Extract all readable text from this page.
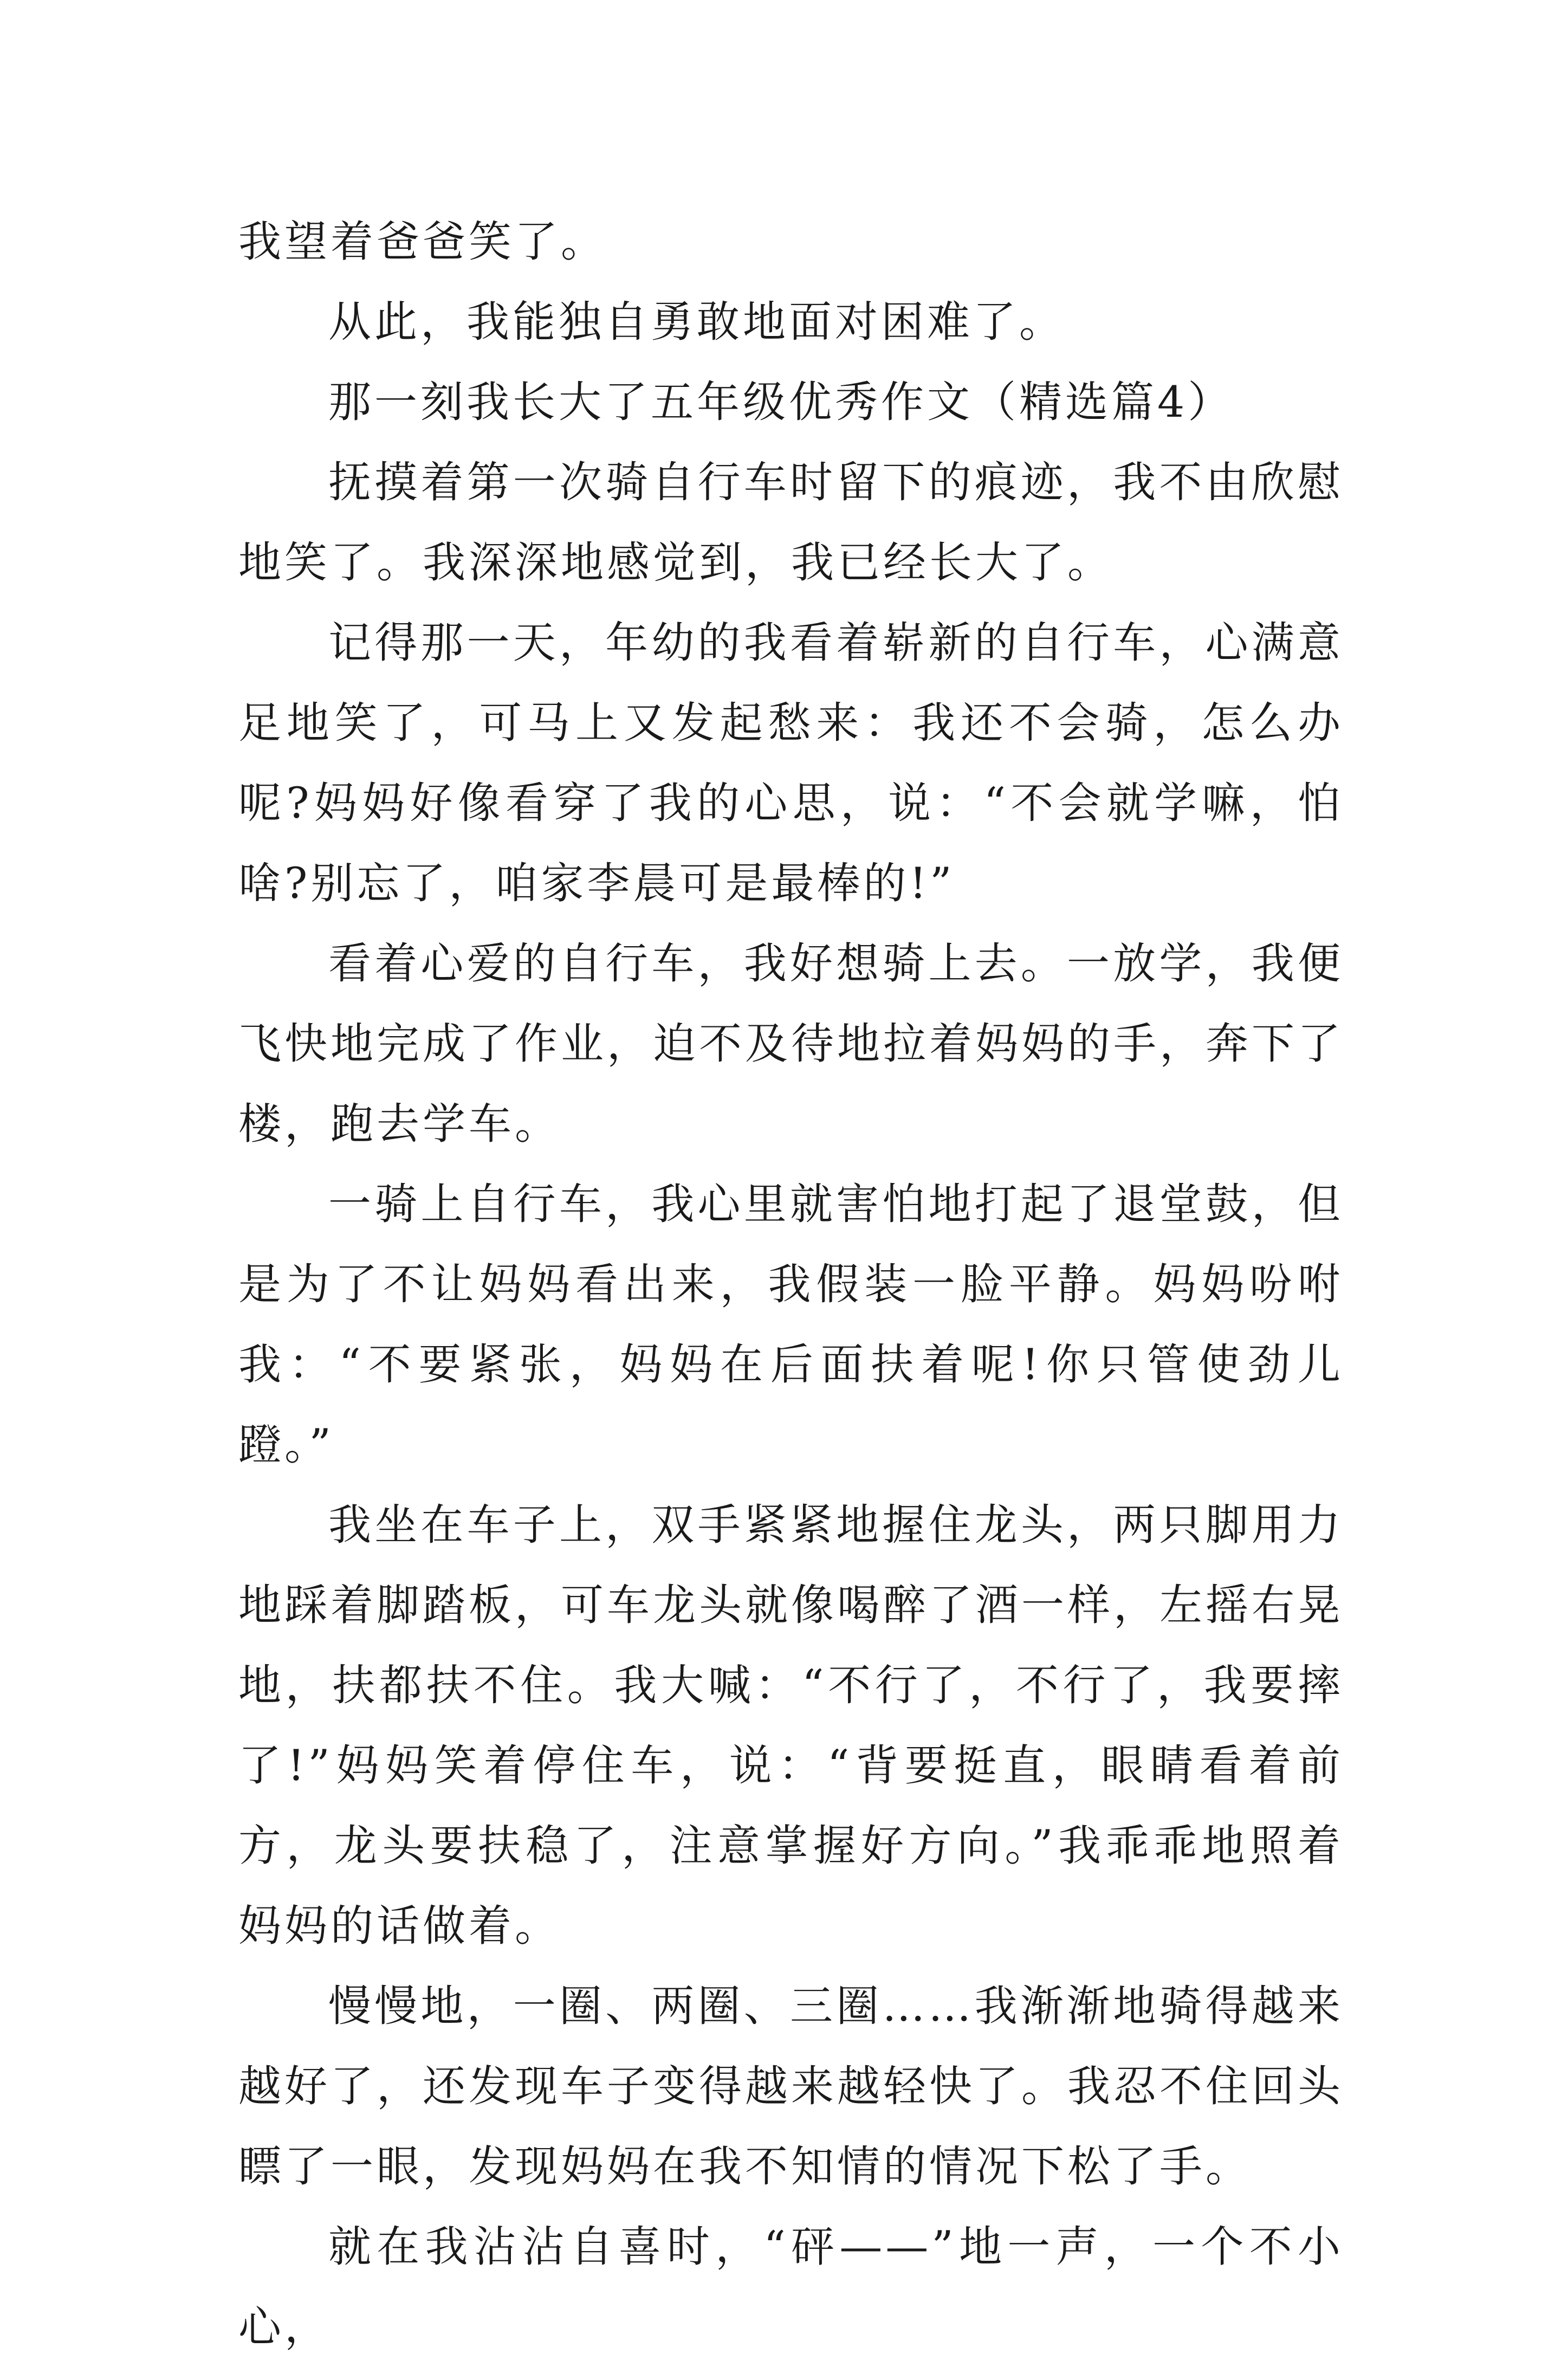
我望着爸爸笑了。

从此，我能独自勇敢地面对困难了。

那一刻我长大了五年级优秀作文（精选篇4）

抚摸着第一次骑自行车时留下的痕迹，我不由欣慰地笑了。我深深地感觉到，我已经长大了。

记得那一天，年幼的我看着崭新的自行车，心满意足地笑了，可马上又发起愁来：我还不会骑，怎么办呢?妈妈好像看穿了我的心思，说：“不会就学嘛，怕啥?别忘了，咱家李晨可是最棒的!”

看着心爱的自行车，我好想骑上去。一放学，我便飞快地完成了作业，迫不及待地拉着妈妈的手，奔下了楼，跑去学车。

一骑上自行车，我心里就害怕地打起了退堂鼓，但是为了不让妈妈看出来，我假装一脸平静。妈妈吩咐我：“不要紧张，妈妈在后面扶着呢!你只管使劲儿蹬。”

我坐在车子上，双手紧紧地握住龙头，两只脚用力地踩着脚踏板，可车龙头就像喝醉了酒一样，左摇右晃地，扶都扶不住。我大喊：“不行了，不行了，我要摔了!”妈妈笑着停住车，说：“背要挺直，眼睛看着前方，龙头要扶稳了，注意掌握好方向。”我乖乖地照着妈妈的话做着。

慢慢地，一圈、两圈、三圈……我渐渐地骑得越来越好了，还发现车子变得越来越轻快了。我忍不住回头瞟了一眼，发现妈妈在我不知情的情况下松了手。

就在我沾沾自喜时，“砰——”地一声，一个不小心，
